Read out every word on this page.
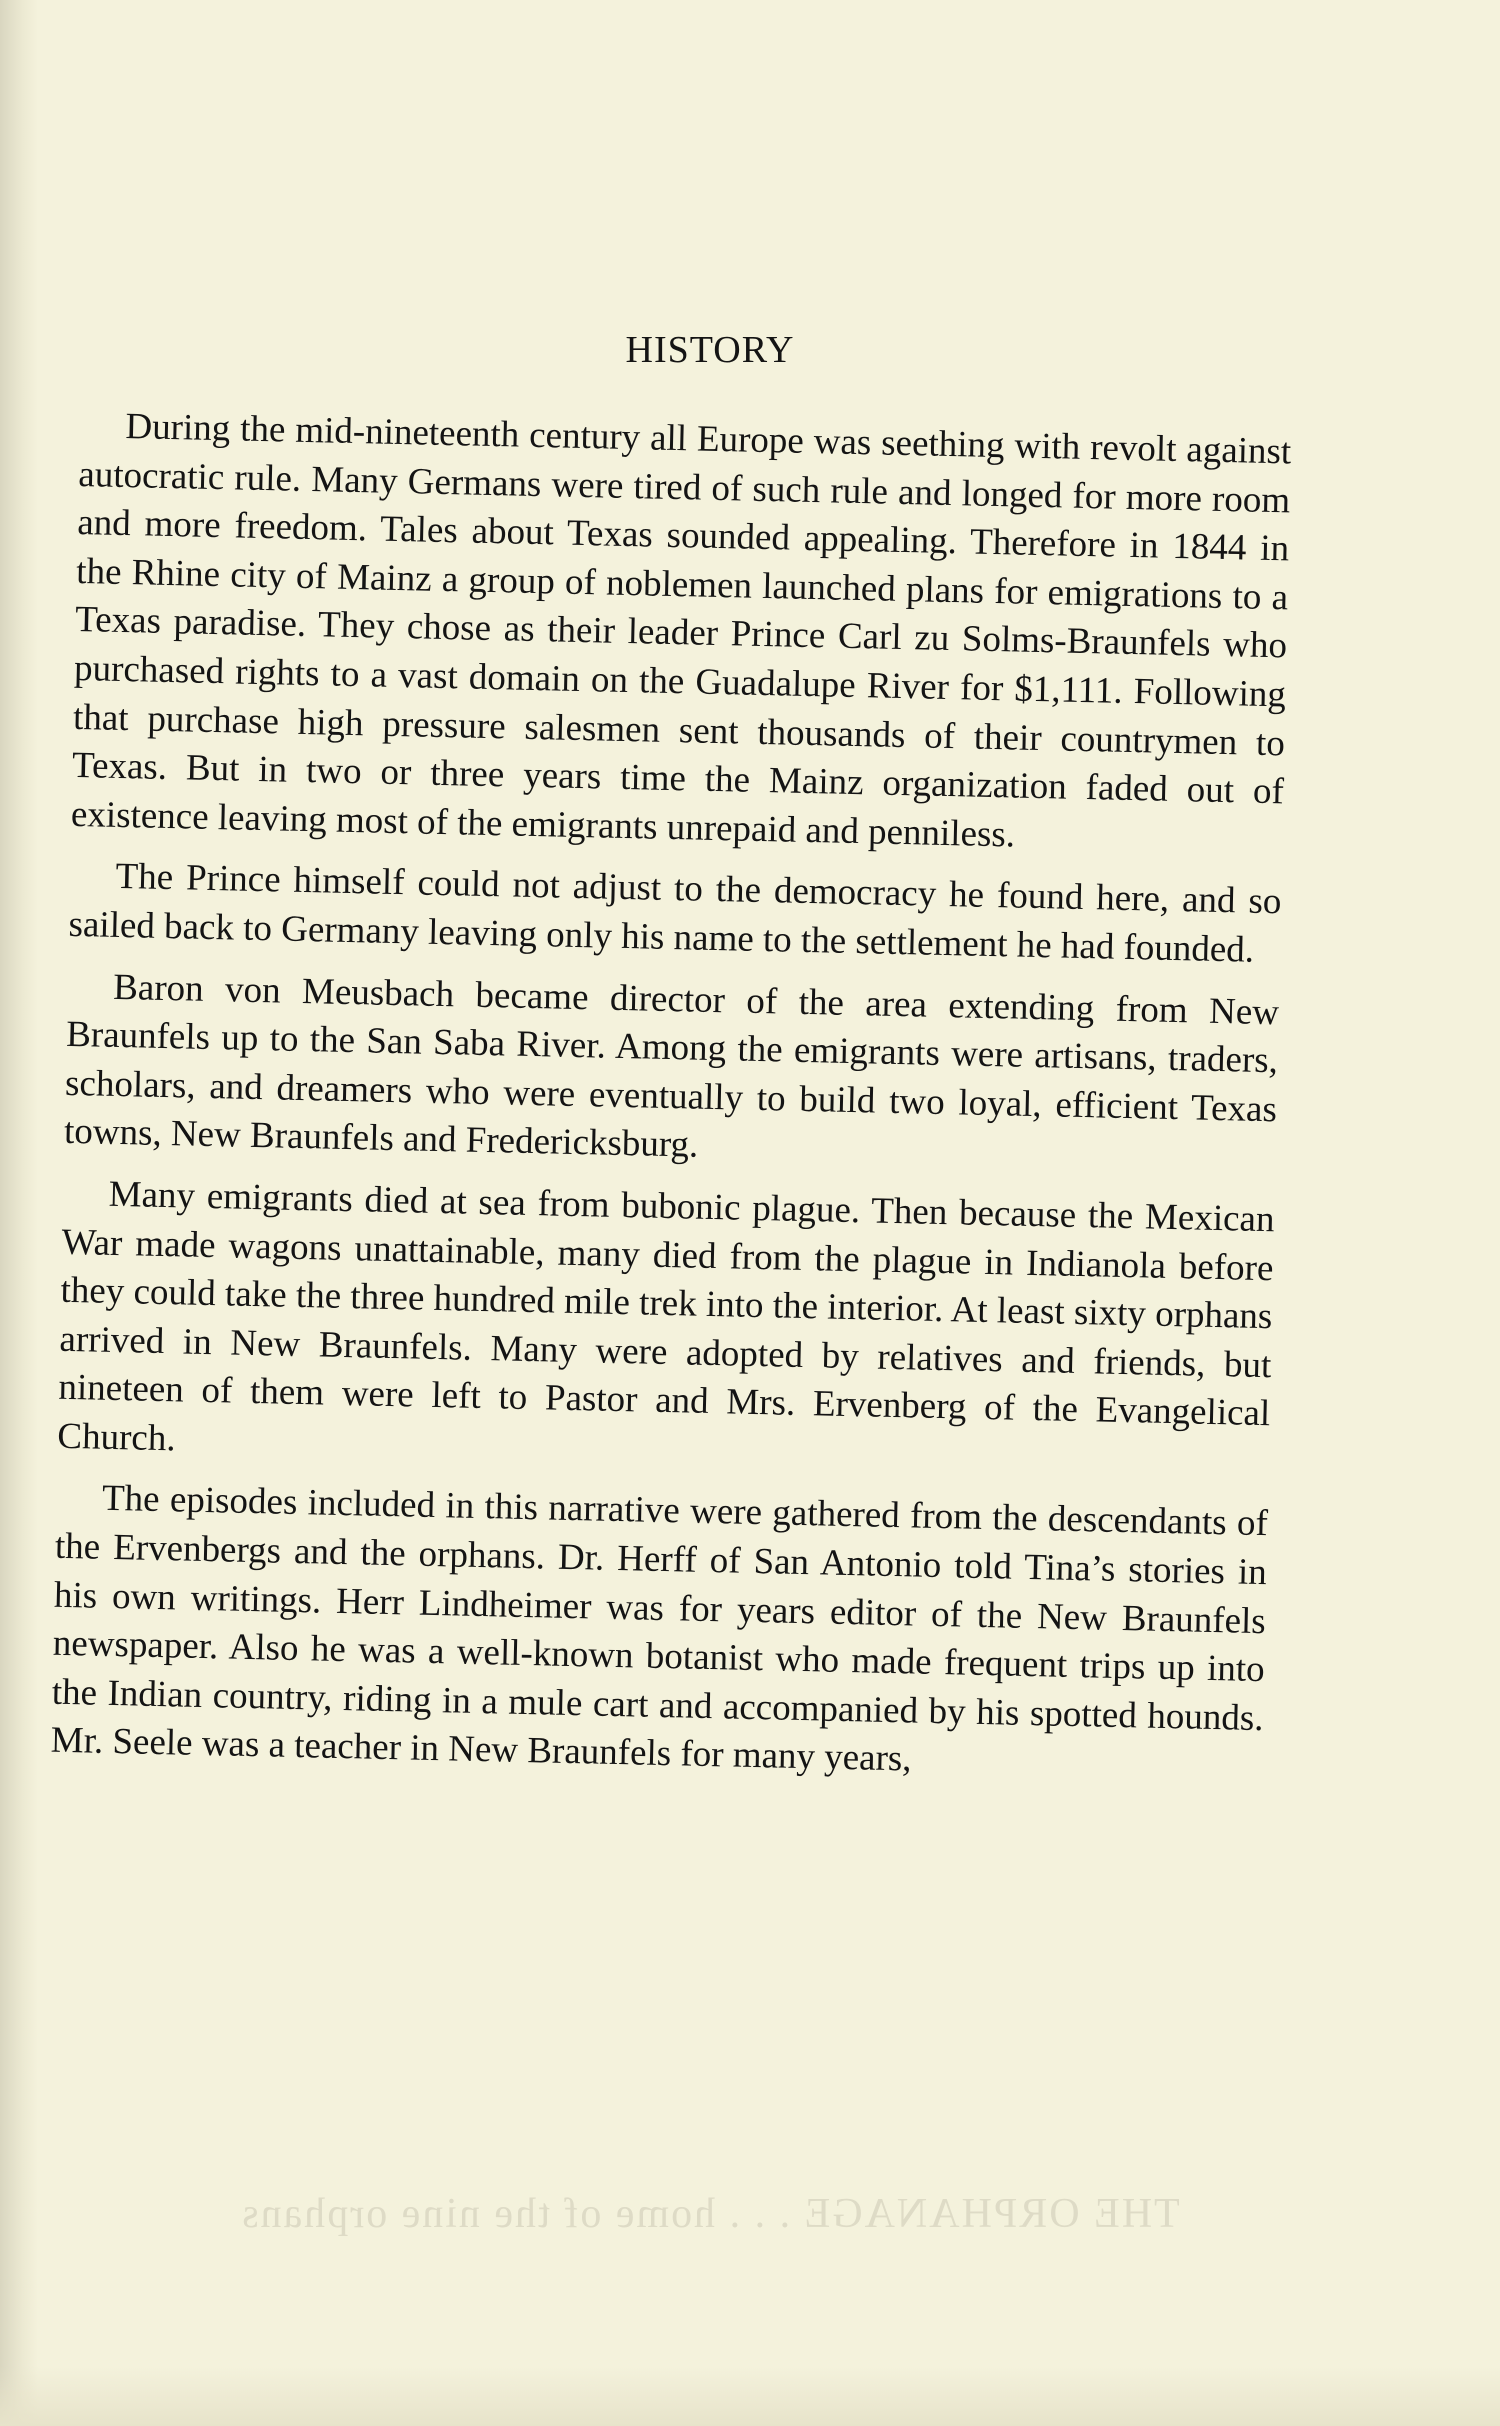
THE ORPHANAGE . . . home of the nine orphans
HISTORY

During the mid-nineteenth century all Europe was seething with revolt against autocratic rule. Many Germans were tired of such rule and longed for more room and more freedom. Tales about Texas sounded appealing. Therefore in 1844 in the Rhine city of Mainz a group of noblemen launched plans for emigrations to a Texas paradise. They chose as their leader Prince Carl zu Solms-Braunfels who purchased rights to a vast domain on the Guadalupe River for $1,111. Following that purchase high pressure salesmen sent thousands of their countrymen to Texas. But in two or three years time the Mainz organization faded out of existence leaving most of the emigrants unrepaid and penniless.

The Prince himself could not adjust to the democracy he found here, and so sailed back to Germany leaving only his name to the settlement he had founded.

Baron von Meusbach became director of the area extending from New Braunfels up to the San Saba River. Among the emigrants were artisans, traders, scholars, and dreamers who were eventually to build two loyal, efficient Texas towns, New Braunfels and Fredericksburg.

Many emigrants died at sea from bubonic plague. Then because the Mexican War made wagons unattainable, many died from the plague in Indianola before they could take the three hundred mile trek into the interior. At least sixty orphans arrived in New Braunfels. Many were adopted by relatives and friends, but nineteen of them were left to Pastor and Mrs. Ervenberg of the Evangelical Church.

The episodes included in this narrative were gathered from the descendants of the Ervenbergs and the orphans. Dr. Herff of San Antonio told Tina’s stories in his own writings. Herr Lindheimer was for years editor of the New Braunfels newspaper. Also he was a well-known botanist who made frequent trips up into the Indian country, riding in a mule cart and accompanied by his spotted hounds. Mr. Seele was a teacher in New Braunfels for many years,
